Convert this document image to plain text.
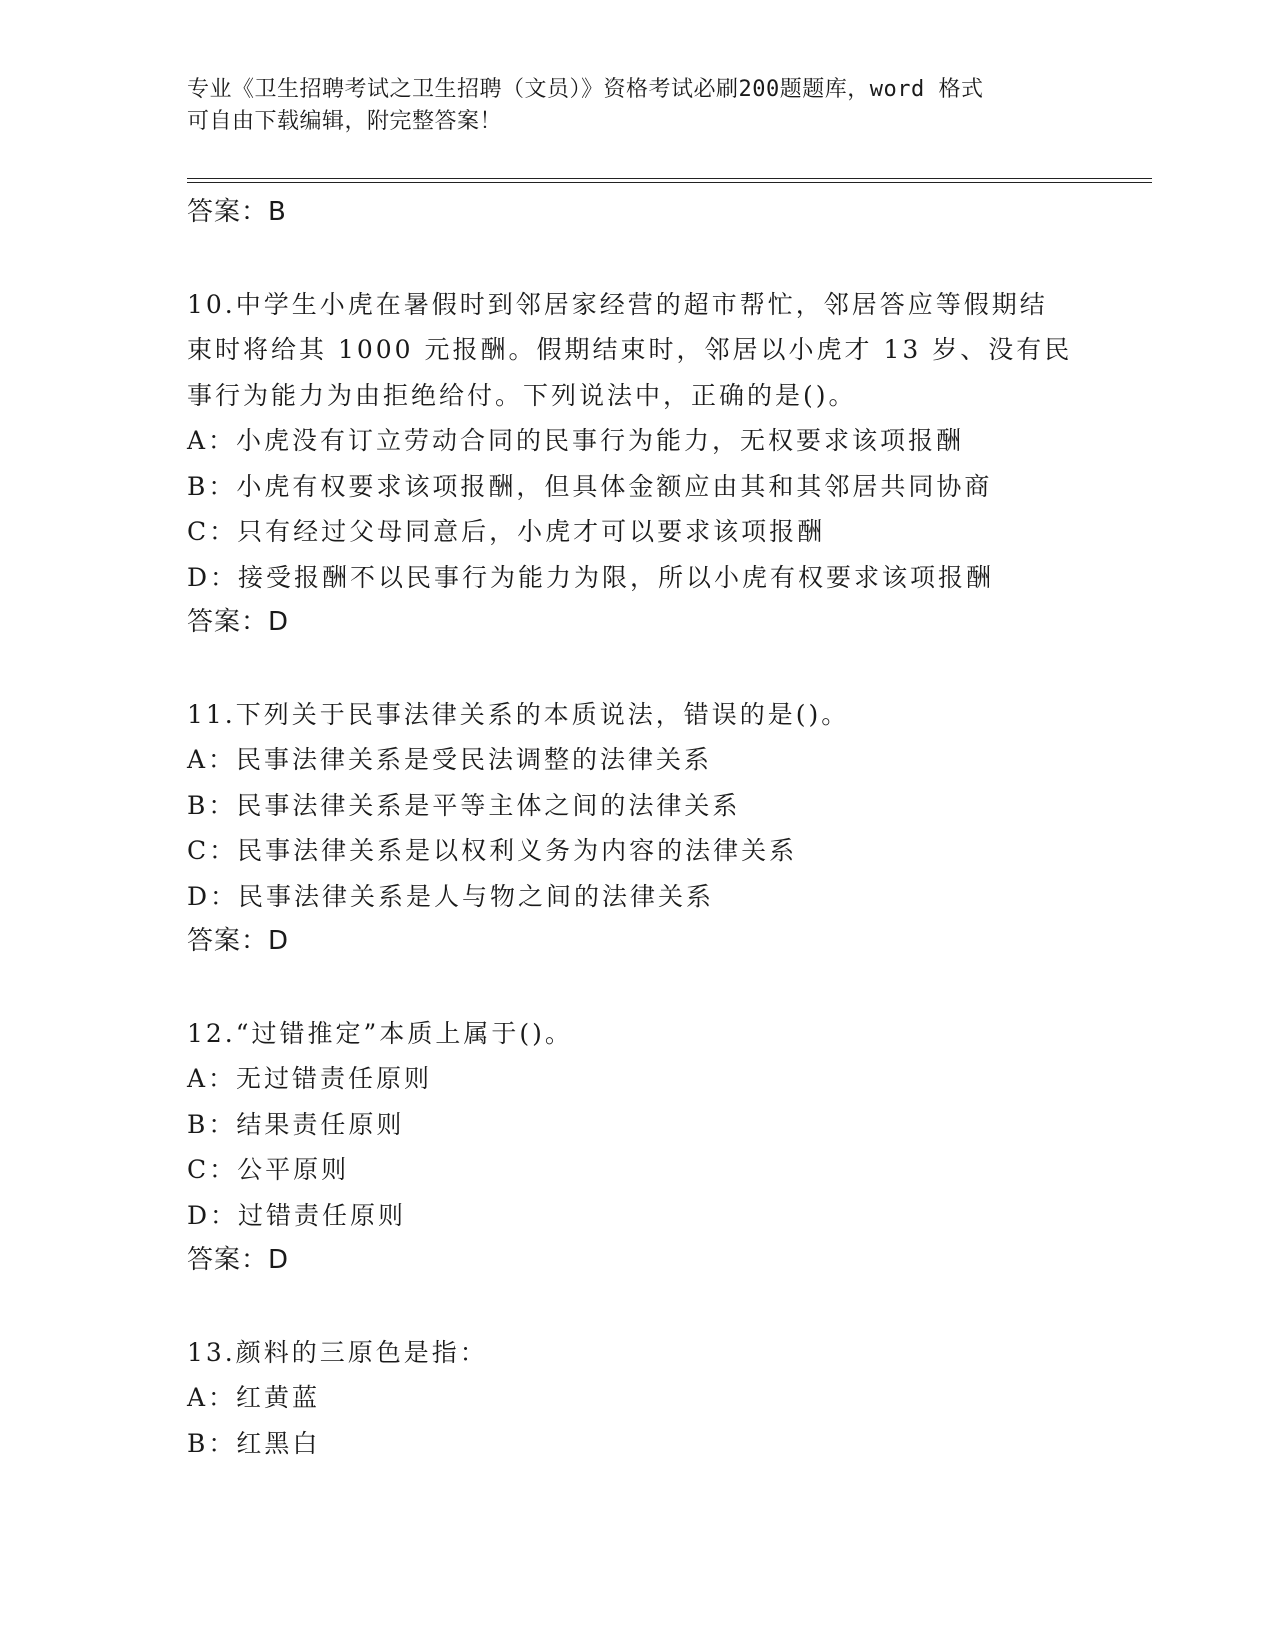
专业《卫生招聘考试之卫生招聘（文员）》资格考试必刷200题题库，word 格式
可自由下载编辑，附完整答案！
答案：B
10.中学生小虎在暑假时到邻居家经营的超市帮忙，邻居答应等假期结
束时将给其 1000 元报酬。假期结束时，邻居以小虎才 13 岁、没有民
事行为能力为由拒绝给付。下列说法中，正确的是()。
A：小虎没有订立劳动合同的民事行为能力，无权要求该项报酬
B：小虎有权要求该项报酬，但具体金额应由其和其邻居共同协商
C：只有经过父母同意后，小虎才可以要求该项报酬
D：接受报酬不以民事行为能力为限，所以小虎有权要求该项报酬
答案：D
11.下列关于民事法律关系的本质说法，错误的是()。
A：民事法律关系是受民法调整的法律关系
B：民事法律关系是平等主体之间的法律关系
C：民事法律关系是以权利义务为内容的法律关系
D：民事法律关系是人与物之间的法律关系
答案：D
12.“过错推定”本质上属于()。
A：无过错责任原则
B：结果责任原则
C：公平原则
D：过错责任原则
答案：D
13.颜料的三原色是指：
A：红黄蓝
B：红黑白
